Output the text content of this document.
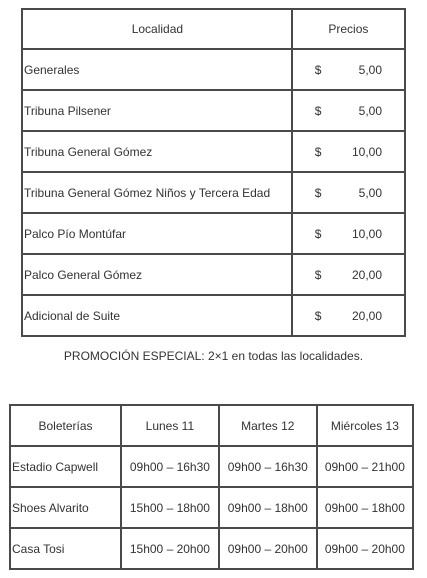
Localidad	Precios
Generales	$ 5,00

Tribuna Pilsener	$ 5,00

Tribuna General Gómez	$ 10,00

Tribuna General Gómez Niños y Tercera Edad	$ 5,00

Palco Pío Montúfar	$ 10,00

Palco General Gómez	$ 20,00

Adicional de Suite	$ 20,00
PROMOCIÓN ESPECIAL: 2×1 en todas las localidades.
Boleterías	Lunes 11	Martes 12	Miércoles 13
Estadio Capwell	09h00 – 16h30	09h00 – 16h30	09h00 – 21h00
Shoes Alvarito	15h00 – 18h00	09h00 – 18h00	09h00 – 18h00
Casa Tosi	15h00 – 20h00	09h00 – 20h00	09h00 – 20h00
